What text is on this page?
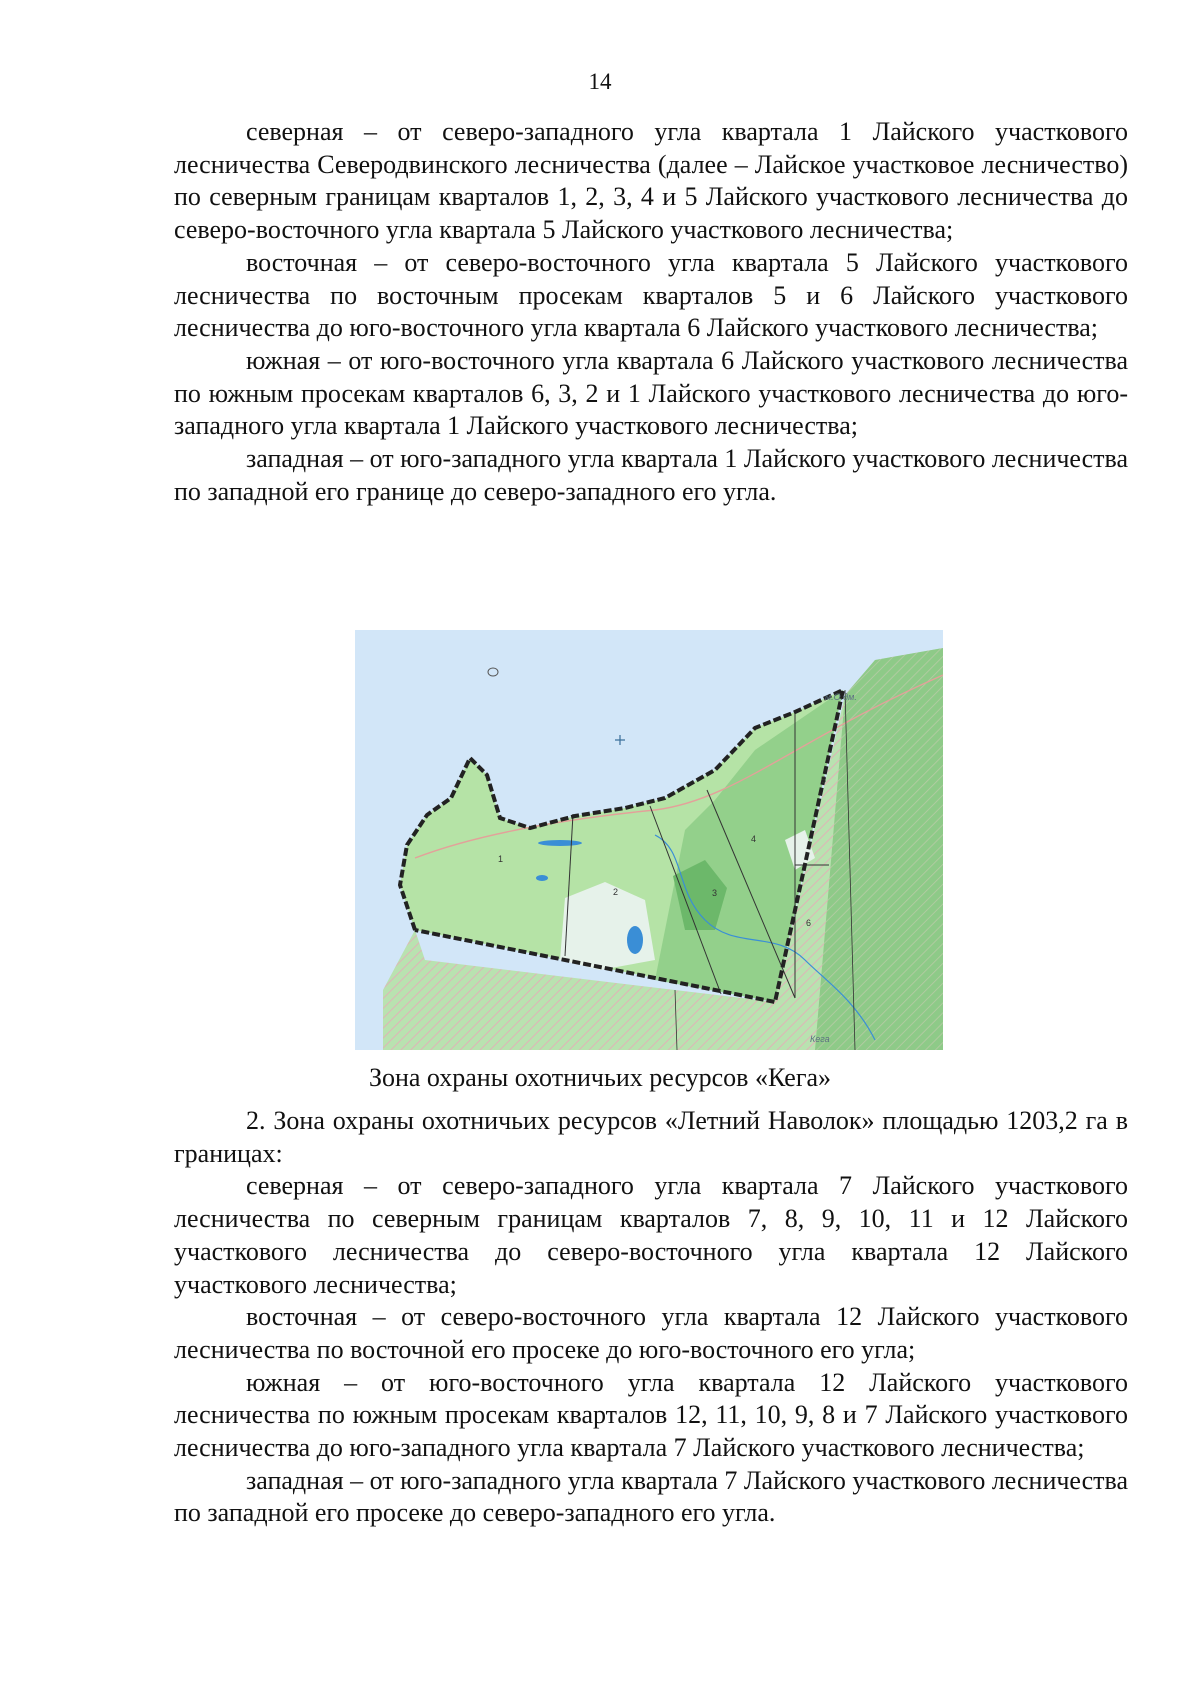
14

северная – от северо-западного угла квартала 1 Лайского участкового лесничества Северодвинского лесничества (далее – Лайское участковое лесничество) по северным границам кварталов 1, 2, 3, 4 и 5 Лайского участкового лесничества до северо-восточного угла квартала 5 Лайского участкового лесничества;

восточная – от северо-восточного угла квартала 5 Лайского участкового лесничества по восточным просекам кварталов 5 и 6 Лайского участкового лесничества до юго-восточного угла квартала 6 Лайского участкового лесничества;

южная – от юго-восточного угла квартала 6 Лайского участкового лесничества по южным просекам кварталов 6, 3, 2 и 1 Лайского участкового лесничества до юго-западного угла квартала 1 Лайского участкового лесничества;

западная – от юго-западного угла квартала 1 Лайского участкового лесничества по западной его границе до северо-западного его угла.

1
2	3
4
5
6
м.О.дм.
Кега
Зона охраны охотничьих ресурсов «Кега»

2. Зона охраны охотничьих ресурсов «Летний Наволок» площадью 1203,2 га в границах:

северная – от северо-западного угла квартала 7 Лайского участкового лесничества по северным границам кварталов 7, 8, 9, 10, 11 и 12 Лайского участкового лесничества до северо-восточного угла квартала 12 Лайского участкового лесничества;

восточная – от северо-восточного угла квартала 12 Лайского участкового лесничества по восточной его просеке до юго-восточного его угла;

южная – от юго-восточного угла квартала 12 Лайского участкового лесничества по южным просекам кварталов 12, 11, 10, 9, 8 и 7 Лайского участкового лесничества до юго-западного угла квартала 7 Лайского участкового лесничества;

западная – от юго-западного угла квартала 7 Лайского участкового лесничества по западной его просеке до северо-западного его угла.
